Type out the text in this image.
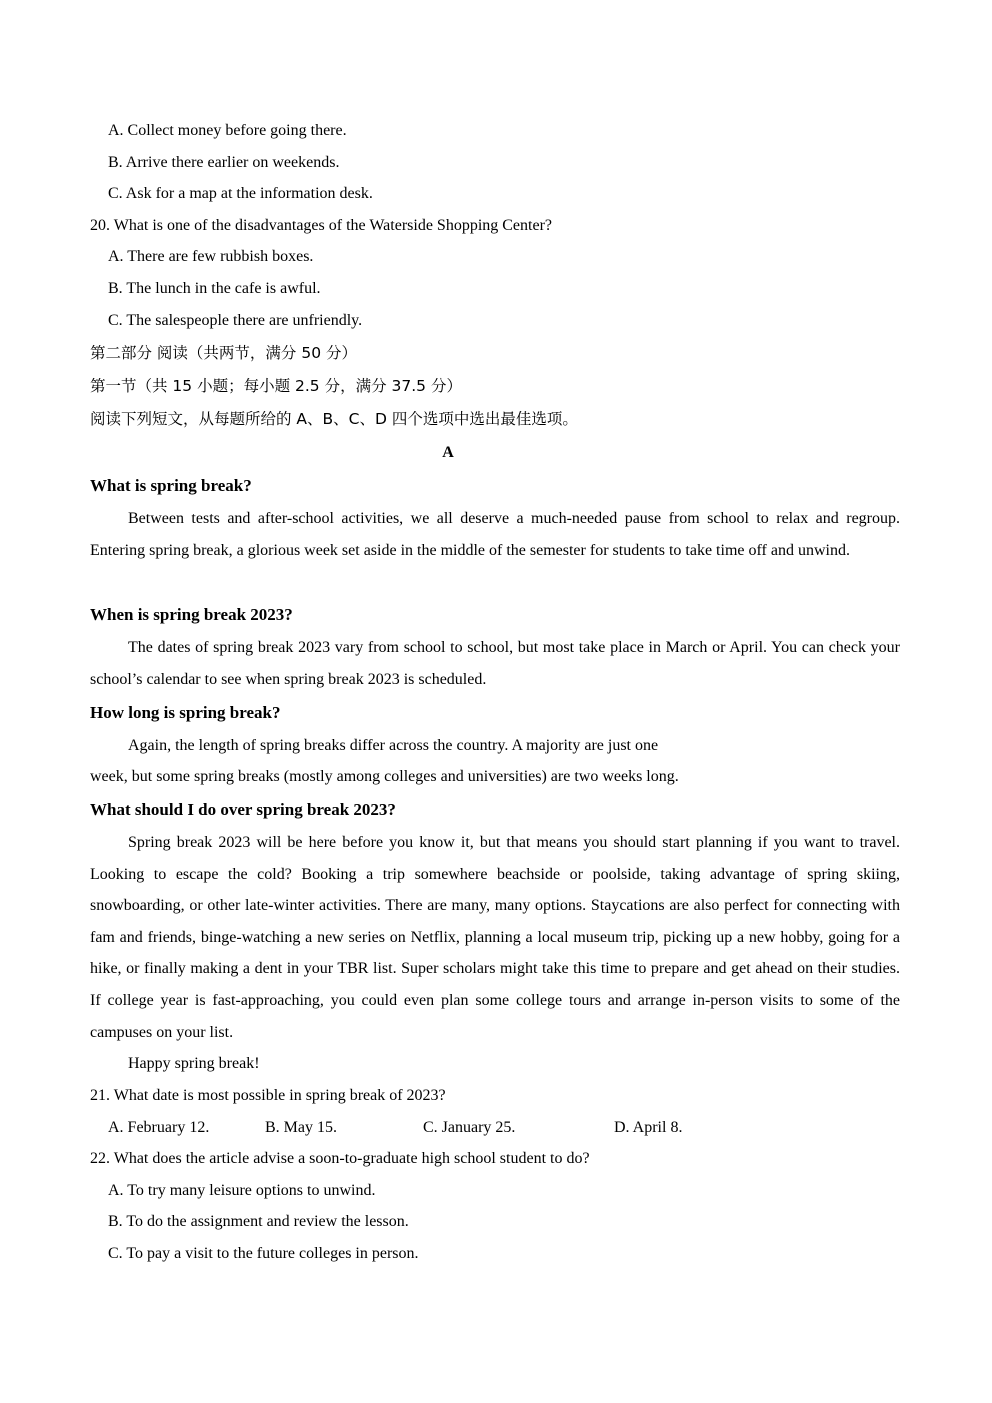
A. Collect money before going there.
B. Arrive there earlier on weekends.
C. Ask for a map at the information desk.
20. What is one of the disadvantages of the Waterside Shopping Center?
A. There are few rubbish boxes.
B. The lunch in the cafe is awful.
C. The salespeople there are unfriendly.
第二部分 阅读（共两节，满分 50 分）
第一节（共 15 小题；每小题 2.5 分，满分 37.5 分）
阅读下列短文，从每题所给的 A、B、C、D 四个选项中选出最佳选项。
A
What is spring break?
Between tests and after-school activities, we all deserve a much-needed pause from school to relax and regroup. Entering spring break, a glorious week set aside in the middle of the semester for students to take time off and unwind.
When is spring break 2023?
The dates of spring break 2023 vary from school to school, but most take place in March or April. You can check your school’s calendar to see when spring break 2023 is scheduled.
How long is spring break?
Again, the length of spring breaks differ across the country. A majority are just one
week, but some spring breaks (mostly among colleges and universities) are two weeks long.
What should I do over spring break 2023?
Spring break 2023 will be here before you know it, but that means you should start planning if you want to travel. Looking to escape the cold? Booking a trip somewhere beachside or poolside, taking advantage of spring skiing, snowboarding, or other late-winter activities. There are many, many options. Staycations are also perfect for connecting with fam and friends, binge-watching a new series on Netflix, planning a local museum trip, picking up a new hobby, going for a hike, or finally making a dent in your TBR list. Super scholars might take this time to prepare and get ahead on their studies. If college year is fast-approaching, you could even plan some college tours and arrange in-person visits to some of the campuses on your list.
Happy spring break!
21. What date is most possible in spring break of 2023?
A. February 12.	B. May 15.	C. January 25.	D. April 8.
22. What does the article advise a soon-to-graduate high school student to do?
A. To try many leisure options to unwind.
B. To do the assignment and review the lesson.
C. To pay a visit to the future colleges in person.
